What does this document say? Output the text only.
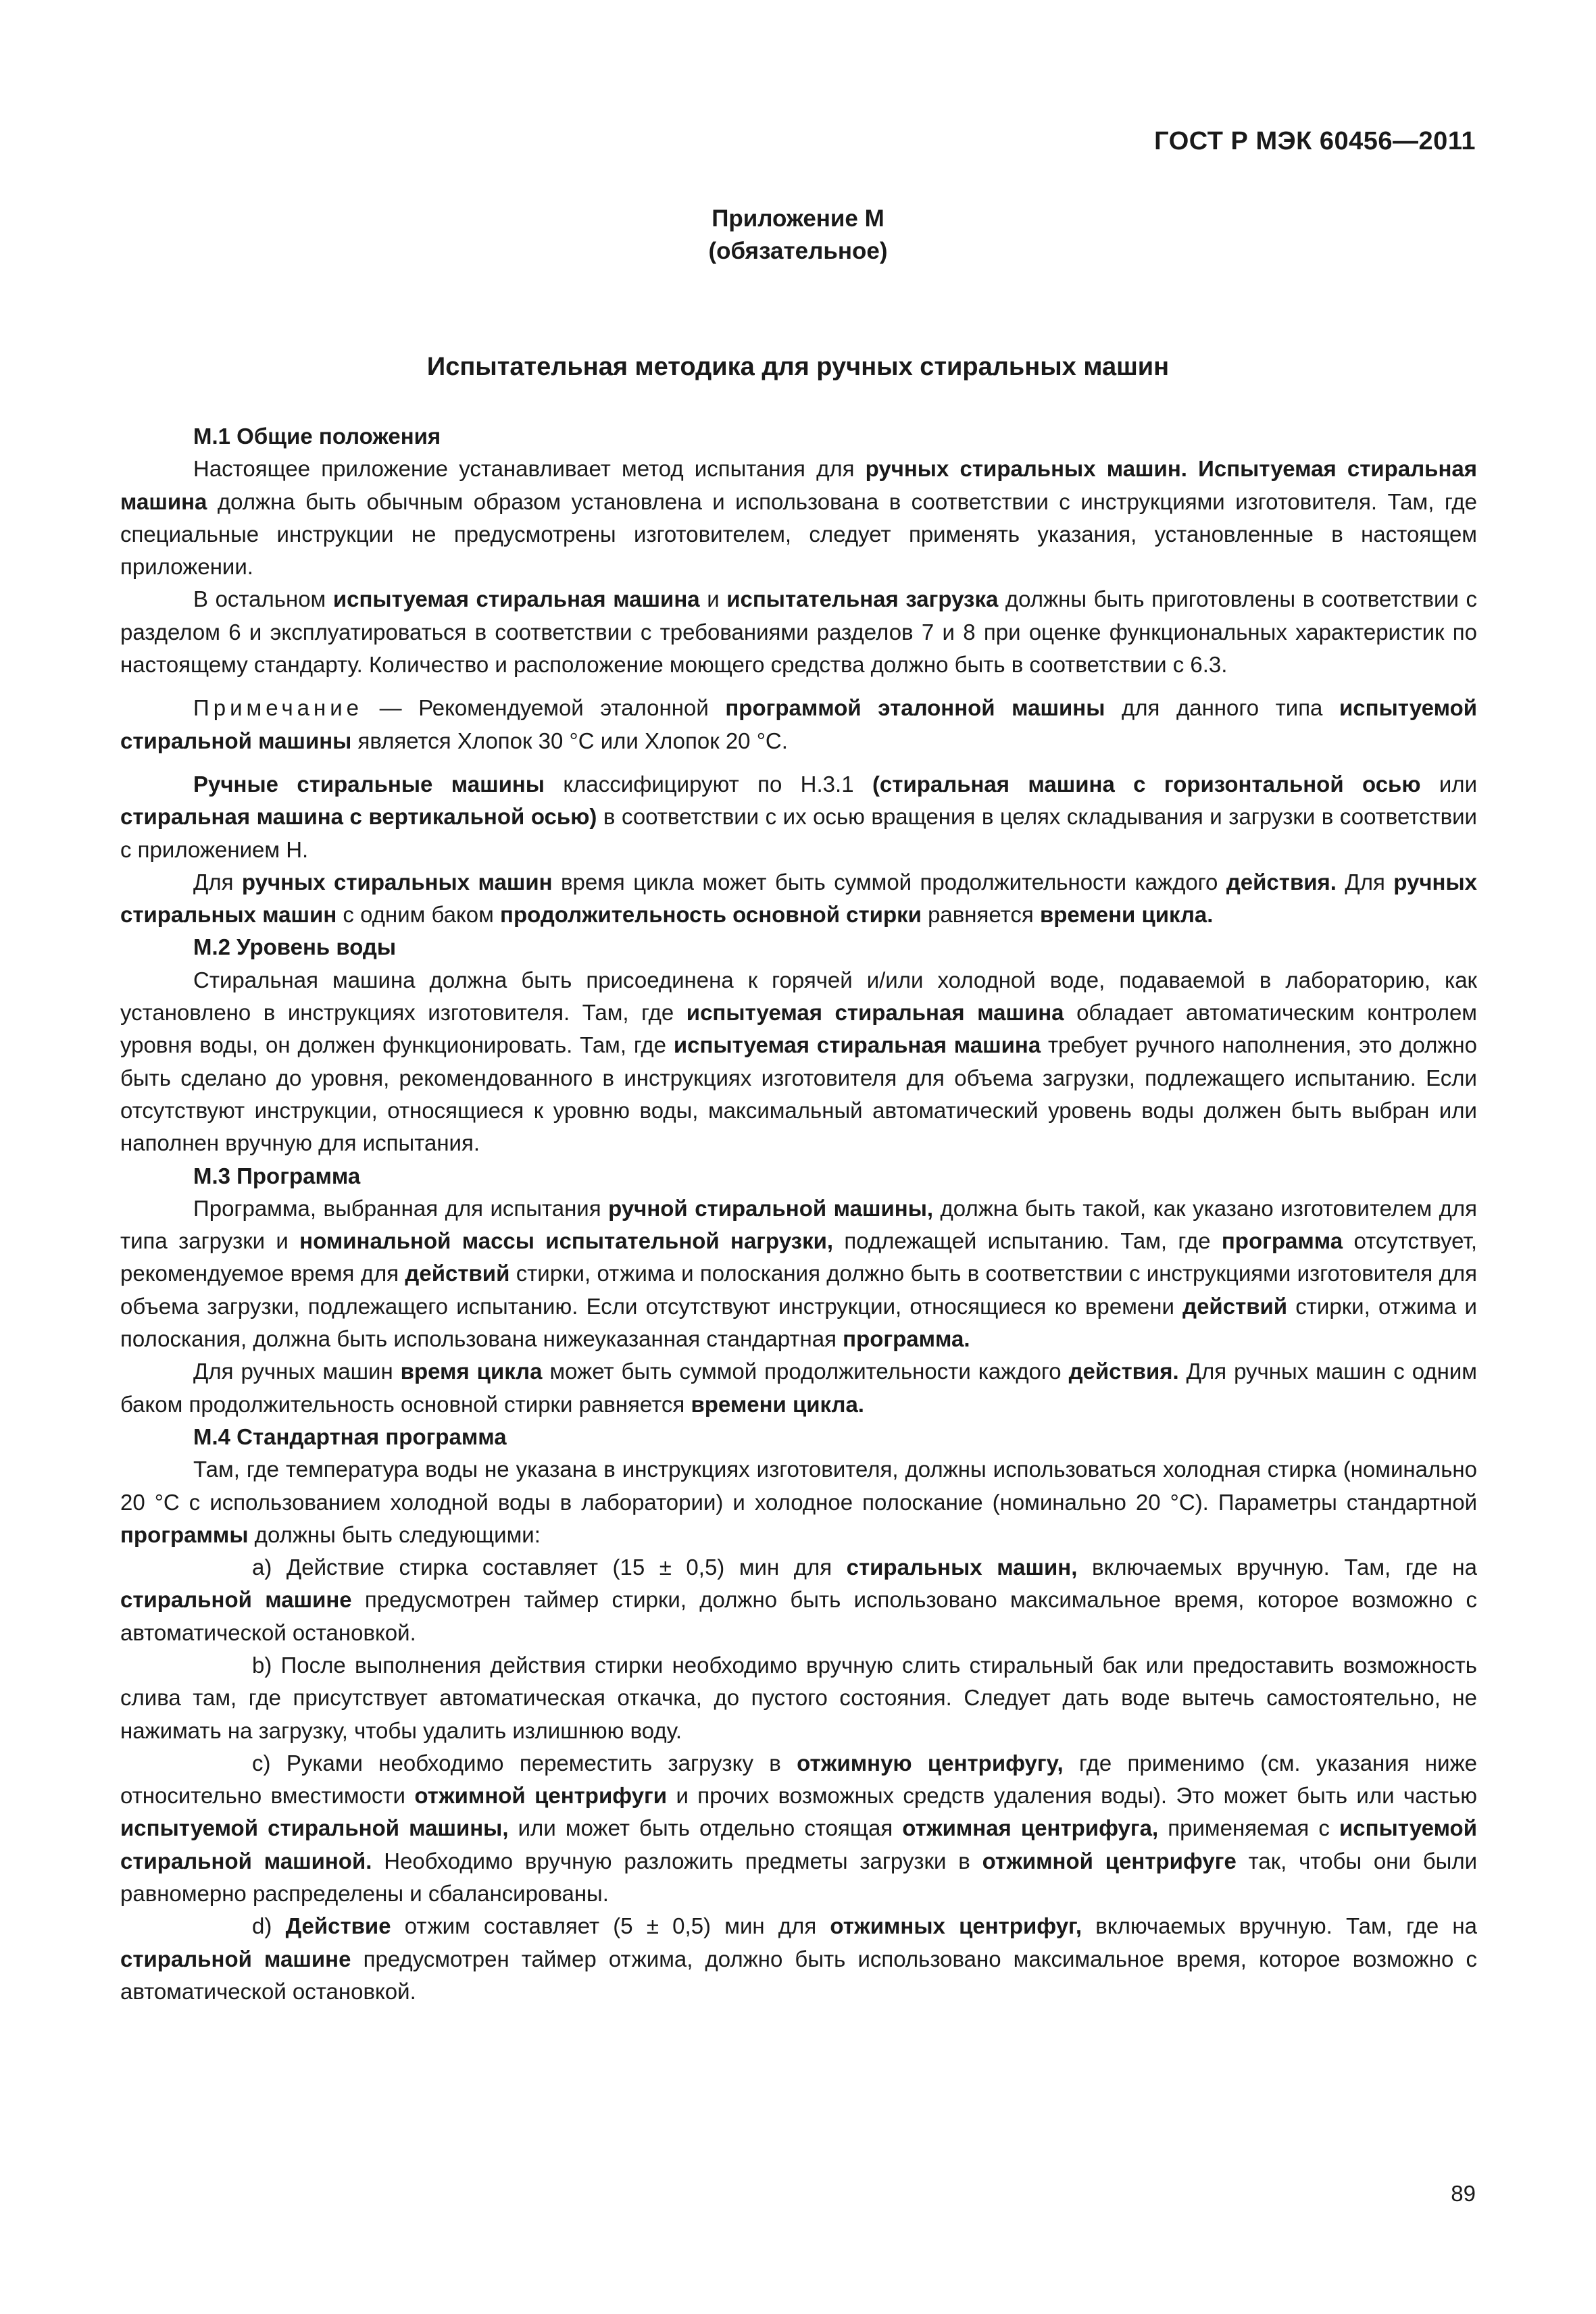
ГОСТ Р МЭК 60456—2011
Приложение М
(обязательное)
Испытательная методика для ручных стиральных машин

М.1 Общие положения

Настоящее приложение устанавливает метод испытания для ручных стиральных машин. Испытуемая стиральная машина должна быть обычным образом установлена и использована в соответствии с инструкциями изготовителя. Там, где специальные инструкции не предусмотрены изготовителем, следует применять указания, установленные в настоящем приложении.

В остальном испытуемая стиральная машина и испытательная загрузка должны быть приготовлены в соответствии с разделом 6 и эксплуатироваться в соответствии с требованиями разделов 7 и 8 при оценке функциональных характеристик по настоящему стандарту. Количество и расположение моющего средства должно быть в соответствии с 6.3.

Примечание — Рекомендуемой эталонной программой эталонной машины для данного типа испытуемой стиральной машины является Хлопок 30 °С или Хлопок 20 °С.

Ручные стиральные машины классифицируют по Н.3.1 (стиральная машина с горизонтальной осью или стиральная машина с вертикальной осью) в соответствии с их осью вращения в целях складывания и загрузки в соответствии с приложением Н.

Для ручных стиральных машин время цикла может быть суммой продолжительности каждого действия. Для ручных стиральных машин с одним баком продолжительность основной стирки равняется времени цикла.

М.2 Уровень воды

Стиральная машина должна быть присоединена к горячей и/или холодной воде, подаваемой в лабораторию, как установлено в инструкциях изготовителя. Там, где испытуемая стиральная машина обладает автоматическим контролем уровня воды, он должен функционировать. Там, где испытуемая стиральная машина требует ручного наполнения, это должно быть сделано до уровня, рекомендованного в инструкциях изготовителя для объема загрузки, подлежащего испытанию. Если отсутствуют инструкции, относящиеся к уровню воды, максимальный автоматический уровень воды должен быть выбран или наполнен вручную для испытания.

М.3 Программа

Программа, выбранная для испытания ручной стиральной машины, должна быть такой, как указано изготовителем для типа загрузки и номинальной массы испытательной нагрузки, подлежащей испытанию. Там, где программа отсутствует, рекомендуемое время для действий стирки, отжима и полоскания должно быть в соответствии с инструкциями изготовителя для объема загрузки, подлежащего испытанию. Если отсутствуют инструкции, относящиеся ко времени действий стирки, отжима и полоскания, должна быть использована нижеуказанная стандартная программа.

Для ручных машин время цикла может быть суммой продолжительности каждого действия. Для ручных машин с одним баком продолжительность основной стирки равняется времени цикла.

М.4 Стандартная программа

Там, где температура воды не указана в инструкциях изготовителя, должны использоваться холодная стирка (номинально 20 °С с использованием холодной воды в лаборатории) и холодное полоскание (номинально 20 °С). Параметры стандартной программы должны быть следующими:

а) Действие стирка составляет (15 ± 0,5) мин для стиральных машин, включаемых вручную. Там, где на стиральной машине предусмотрен таймер стирки, должно быть использовано максимальное время, которое возможно с автоматической остановкой.

b) После выполнения действия стирки необходимо вручную слить стиральный бак или предоставить возможность слива там, где присутствует автоматическая откачка, до пустого состояния. Следует дать воде вытечь самостоятельно, не нажимать на загрузку, чтобы удалить излишнюю воду.

с) Руками необходимо переместить загрузку в отжимную центрифугу, где применимо (см. указания ниже относительно вместимости отжимной центрифуги и прочих возможных средств удаления воды). Это может быть или частью испытуемой стиральной машины, или может быть отдельно стоящая отжимная центрифуга, применяемая с испытуемой стиральной машиной. Необходимо вручную разложить предметы загрузки в отжимной центрифуге так, чтобы они были равномерно распределены и сбалансированы.

d) Действие отжим составляет (5 ± 0,5) мин для отжимных центрифуг, включаемых вручную. Там, где на стиральной машине предусмотрен таймер отжима, должно быть использовано максимальное время, которое возможно с автоматической остановкой.

89
